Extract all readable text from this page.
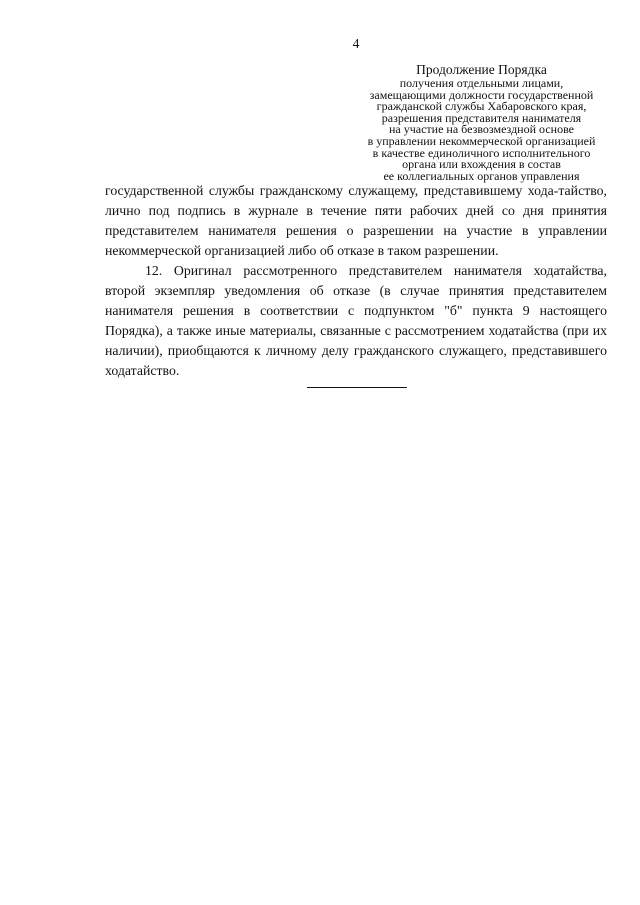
4
Продолжение Порядка
получения отдельными лицами,
замещающими должности государственной
гражданской службы Хабаровского края,
разрешения представителя нанимателя
на участие на безвозмездной основе
в управлении некоммерческой организацией
в качестве единоличного исполнительного
органа или вхождения в состав
ее коллегиальных органов управления

государственной службы гражданскому служащему, представившему хода-тайство, лично под подпись в журнале в течение пяти рабочих дней со дня принятия представителем нанимателя решения о разрешении на участие в управлении некоммерческой организацией либо об отказе в таком разрешении.

12. Оригинал рассмотренного представителем нанимателя ходатайства, второй экземпляр уведомления об отказе (в случае принятия представителем нанимателя решения в соответствии с подпунктом "б" пункта 9 настоящего Порядка), а также иные материалы, связанные с рассмотрением ходатайства (при их наличии), приобщаются к личному делу гражданского служащего, представившего ходатайство.
